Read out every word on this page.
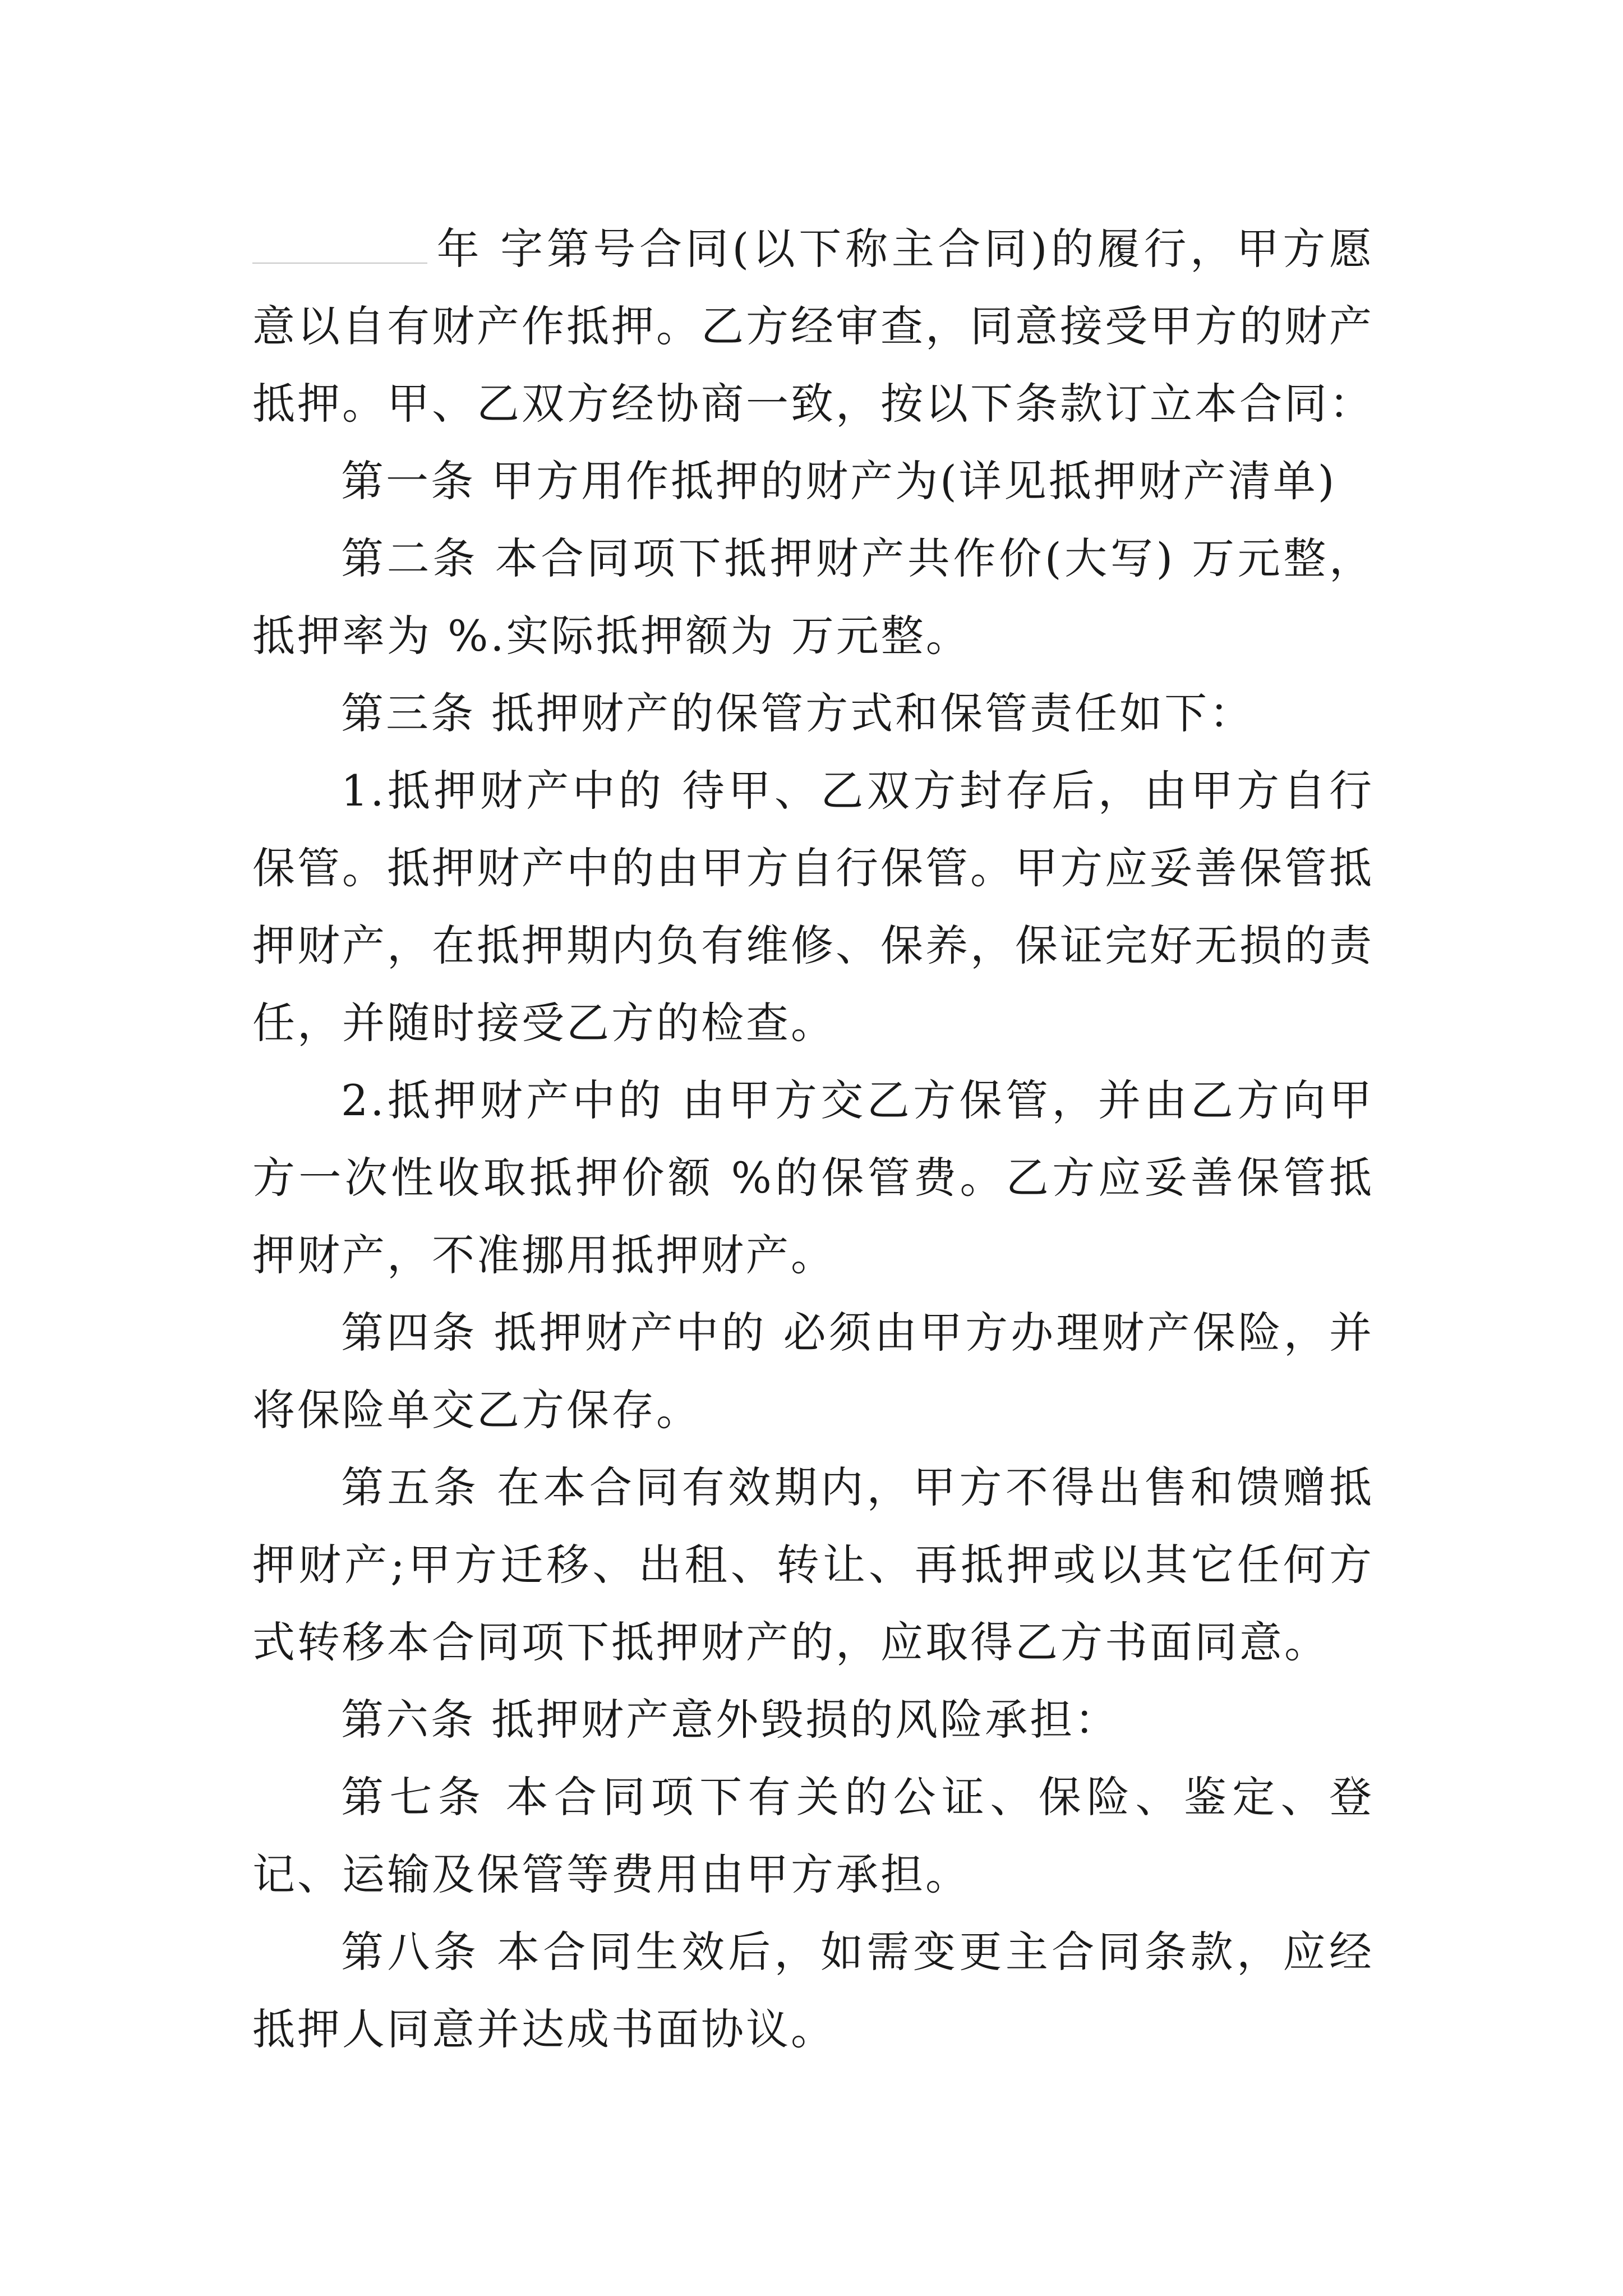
年 字第号合同(以下称主合同)的履行，甲方愿意以自有财产作抵押。乙方经审查，同意接受甲方的财产抵押。甲、乙双方经协商一致，按以下条款订立本合同：

第一条 甲方用作抵押的财产为(详见抵押财产清单)

第二条 本合同项下抵押财产共作价(大写) 万元整，抵押率为 %.实际抵押额为 万元整。

第三条 抵押财产的保管方式和保管责任如下：

1.抵押财产中的 待甲、乙双方封存后，由甲方自行保管。抵押财产中的由甲方自行保管。甲方应妥善保管抵押财产，在抵押期内负有维修、保养，保证完好无损的责任，并随时接受乙方的检查。

2.抵押财产中的 由甲方交乙方保管，并由乙方向甲方一次性收取抵押价额 %的保管费。乙方应妥善保管抵押财产，不准挪用抵押财产。

第四条 抵押财产中的 必须由甲方办理财产保险，并将保险单交乙方保存。

第五条 在本合同有效期内，甲方不得出售和馈赠抵押财产;甲方迁移、出租、转让、再抵押或以其它任何方式转移本合同项下抵押财产的，应取得乙方书面同意。

第六条 抵押财产意外毁损的风险承担：

第七条 本合同项下有关的公证、保险、鉴定、登记、运输及保管等费用由甲方承担。

第八条 本合同生效后，如需变更主合同条款，应经抵押人同意并达成书面协议。
